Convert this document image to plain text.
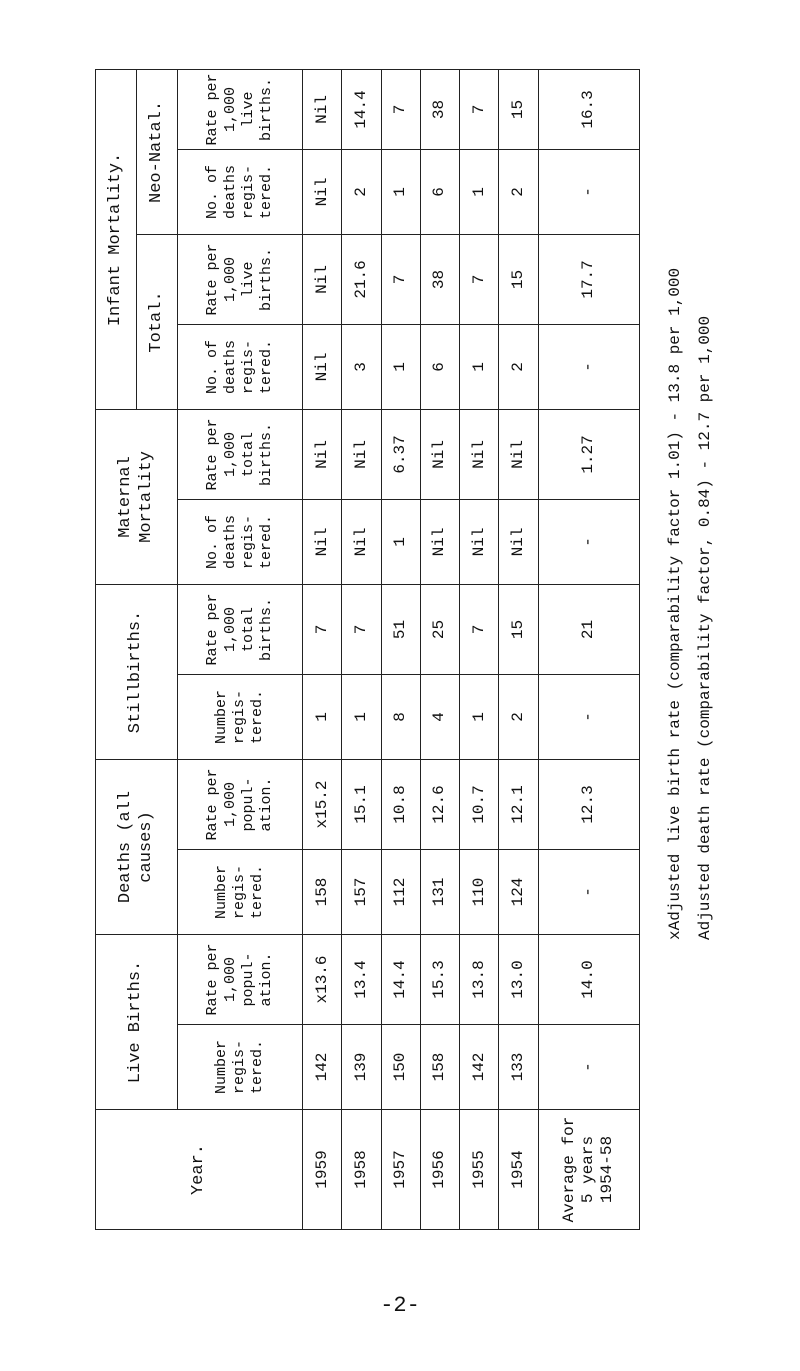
Year.	Live Births.		Deaths (all causes)		Stillbirths.		Maternal Mortality		Infant Mortality.			
									Total.		Neo-Natal.	
	Number regis- tered.	Rate per 1,000 popul- ation.	Number regis- tered.	Rate per 1,000 popul- ation.	Number regis- tered.	Rate per 1,000 total births.	No. of deaths regis- tered.	Rate per 1,000 total births.	No. of deaths regis- tered.	Rate per 1,000 live births.	No. of deaths regis- tered.	Rate per 1,000 live births.
1959	142	x13.6	158	x15.2	1	7	Nil	Nil	Nil	Nil	Nil	Nil
1958	139	13.4	157	15.1	1	7	Nil	Nil	3	21.6	2	14.4
1957	150	14.4	112	10.8	8	51	1	6.37	1	7	1	7
1956	158	15.3	131	12.6	4	25	Nil	Nil	6	38	6	38
1955	142	13.8	110	10.7	1	7	Nil	Nil	1	7	1	7
1954	133	13.0	124	12.1	2	15	Nil	Nil	2	15	2	15
Average for 5 years 1954-58	-	14.0	-	12.3	-	21	-	1.27	-	17.7	-	16.3
xAdjusted live birth rate (comparability factor 1.01) - 13.8 per 1,000 Adjusted death rate (comparability factor, 0.84) - 12.7 per 1,000
-2-
